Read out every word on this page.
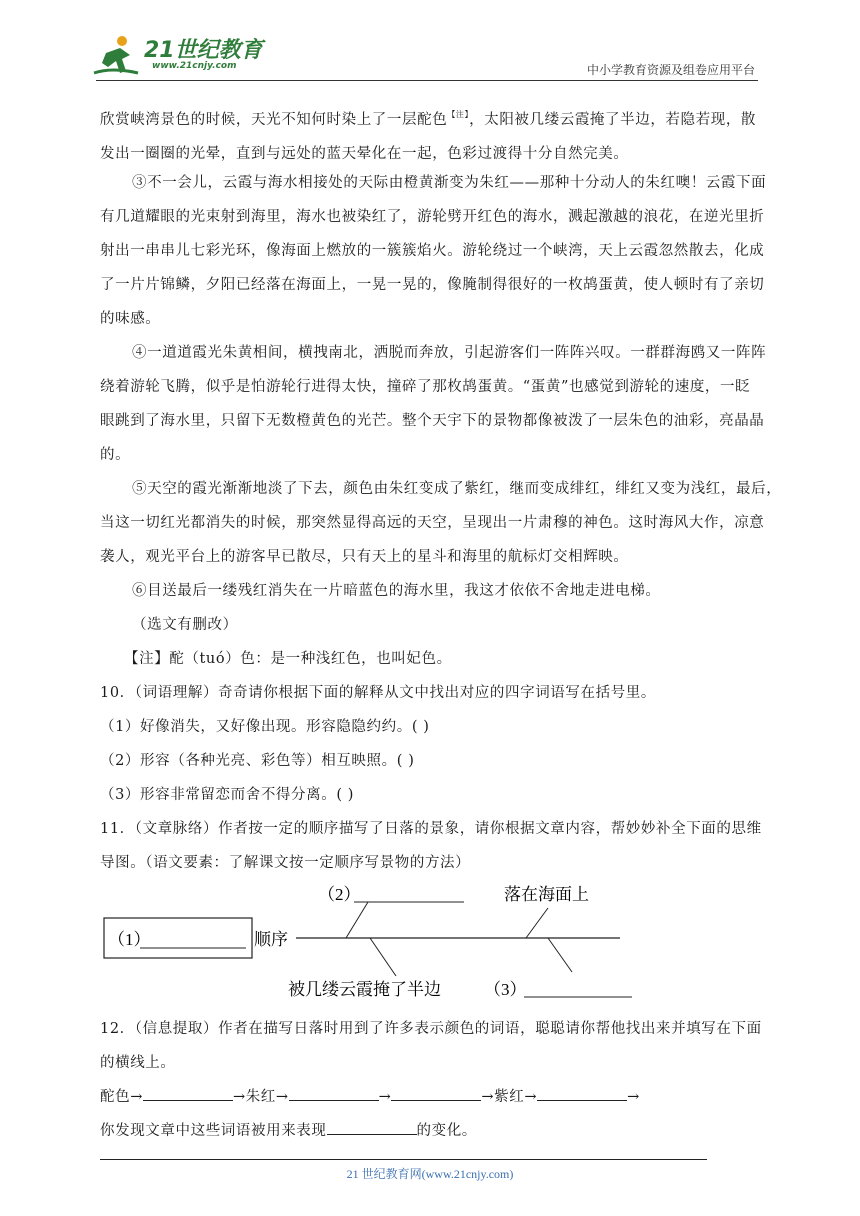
21世纪教育
www.21cnjy.com	中小学教育资源及组卷应用平台
欣赏峡湾景色的时候，天光不知何时染上了一层酡色$^{【注】}$，太阳被几缕云霞掩了半边，若隐若现，散
发出一圈圈的光晕，直到与远处的蓝天晕化在一起，色彩过渡得十分自然完美。
③不一会儿，云霞与海水相接处的天际由橙黄渐变为朱红——那种十分动人的朱红噢！云霞下面
有几道耀眼的光束射到海里，海水也被染红了，游轮劈开红色的海水，溅起激越的浪花，在逆光里折
射出一串串儿七彩光环，像海面上燃放的一簇簇焰火。游轮绕过一个峡湾，天上云霞忽然散去，化成
了一片片锦鳞，夕阳已经落在海面上，一晃一晃的，像腌制得很好的一枚鸪蛋黄，使人顿时有了亲切
的味感。
④一道道霞光朱黄相间，横拽南北，洒脱而奔放，引起游客们一阵阵兴叹。一群群海鸥又一阵阵
绕着游轮飞腾，似乎是怕游轮行进得太快，撞碎了那枚鸪蛋黄。“蛋黄”也感觉到游轮的速度，一眨
眼跳到了海水里，只留下无数橙黄色的光芒。整个天宇下的景物都像被泼了一层朱色的油彩，亮晶晶
的。
⑤天空的霞光渐渐地淡了下去，颜色由朱红变成了紫红，继而变成绯红，绯红又变为浅红，最后，
当这一切红光都消失的时候，那突然显得高远的天空，呈现出一片肃穆的神色。这时海风大作，凉意
袭人，观光平台上的游客早已散尽，只有天上的星斗和海里的航标灯交相辉映。
⑥目送最后一缕残红消失在一片暗蓝色的海水里，我这才依依不舍地走进电梯。
（选文有删改）
【注】酡（tuó）色：是一种浅红色，也叫妃色。
10．（词语理解）奇奇请你根据下面的解释从文中找出对应的四字词语写在括号里。
（1）好像消失，又好像出现。形容隐隐约约。( )
（2）形容（各种光亮、彩色等）相互映照。( )
（3）形容非常留恋而舍不得分离。( )
11．（文章脉络）作者按一定的顺序描写了日落的景象，请你根据文章内容，帮妙妙补全下面的思维
导图。（语文要素：了解课文按一定顺序写景物的方法）
（1）	顺序
（2）	落在海面上
被几缕云霞掩了半边	（3）
12．（信息提取）作者在描写日落时用到了许多表示颜色的词语，聪聪请你帮他找出来并填写在下面
的横线上。
酡色→	→朱红→	→	→紫红→	→
你发现文章中这些词语被用来表现	的变化。
21 世纪教育网(www.21cnjy.com)
